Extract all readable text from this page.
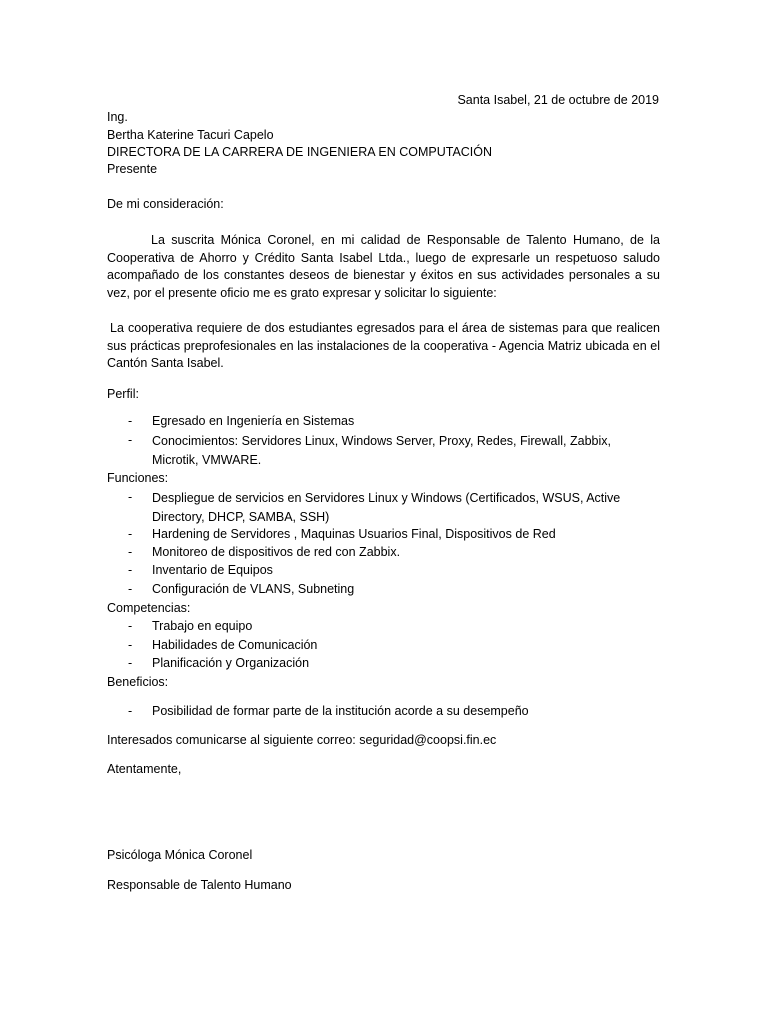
Santa Isabel, 21 de octubre de 2019

Ing.

Bertha Katerine Tacuri Capelo

DIRECTORA DE LA CARRERA DE INGENIERA EN COMPUTACIÓN

Presente

De mi consideración:

La suscrita Mónica Coronel, en mi calidad de Responsable de Talento Humano, de la Cooperativa de Ahorro y Crédito Santa Isabel Ltda., luego de expresarle un respetuoso saludo acompañado de los constantes deseos de bienestar y éxitos en sus actividades personales a su vez, por el presente oficio me es grato expresar y solicitar lo siguiente:

La cooperativa requiere de dos estudiantes egresados para el área de sistemas para que realicen sus prácticas preprofesionales en las instalaciones de la cooperativa - Agencia Matriz ubicada en el Cantón Santa Isabel.

Perfil:

- Egresado en Ingeniería en Sistemas
- Conocimientos: Servidores Linux, Windows Server, Proxy, Redes, Firewall, Zabbix, Microtik, VMWARE.

Funciones:

- Despliegue de servicios en Servidores Linux y Windows (Certificados, WSUS, Active Directory, DHCP, SAMBA, SSH)
- Hardening de Servidores , Maquinas Usuarios Final, Dispositivos de Red
- Monitoreo de dispositivos de red con Zabbix.
- Inventario de Equipos
- Configuración de VLANS, Subneting

Competencias:

- Trabajo en equipo
- Habilidades de Comunicación
- Planificación y Organización

Beneficios:

- Posibilidad de formar parte de la institución acorde a su desempeño

Interesados comunicarse al siguiente correo: seguridad@coopsi.fin.ec

Atentamente,

Psicóloga Mónica Coronel

Responsable de Talento Humano
